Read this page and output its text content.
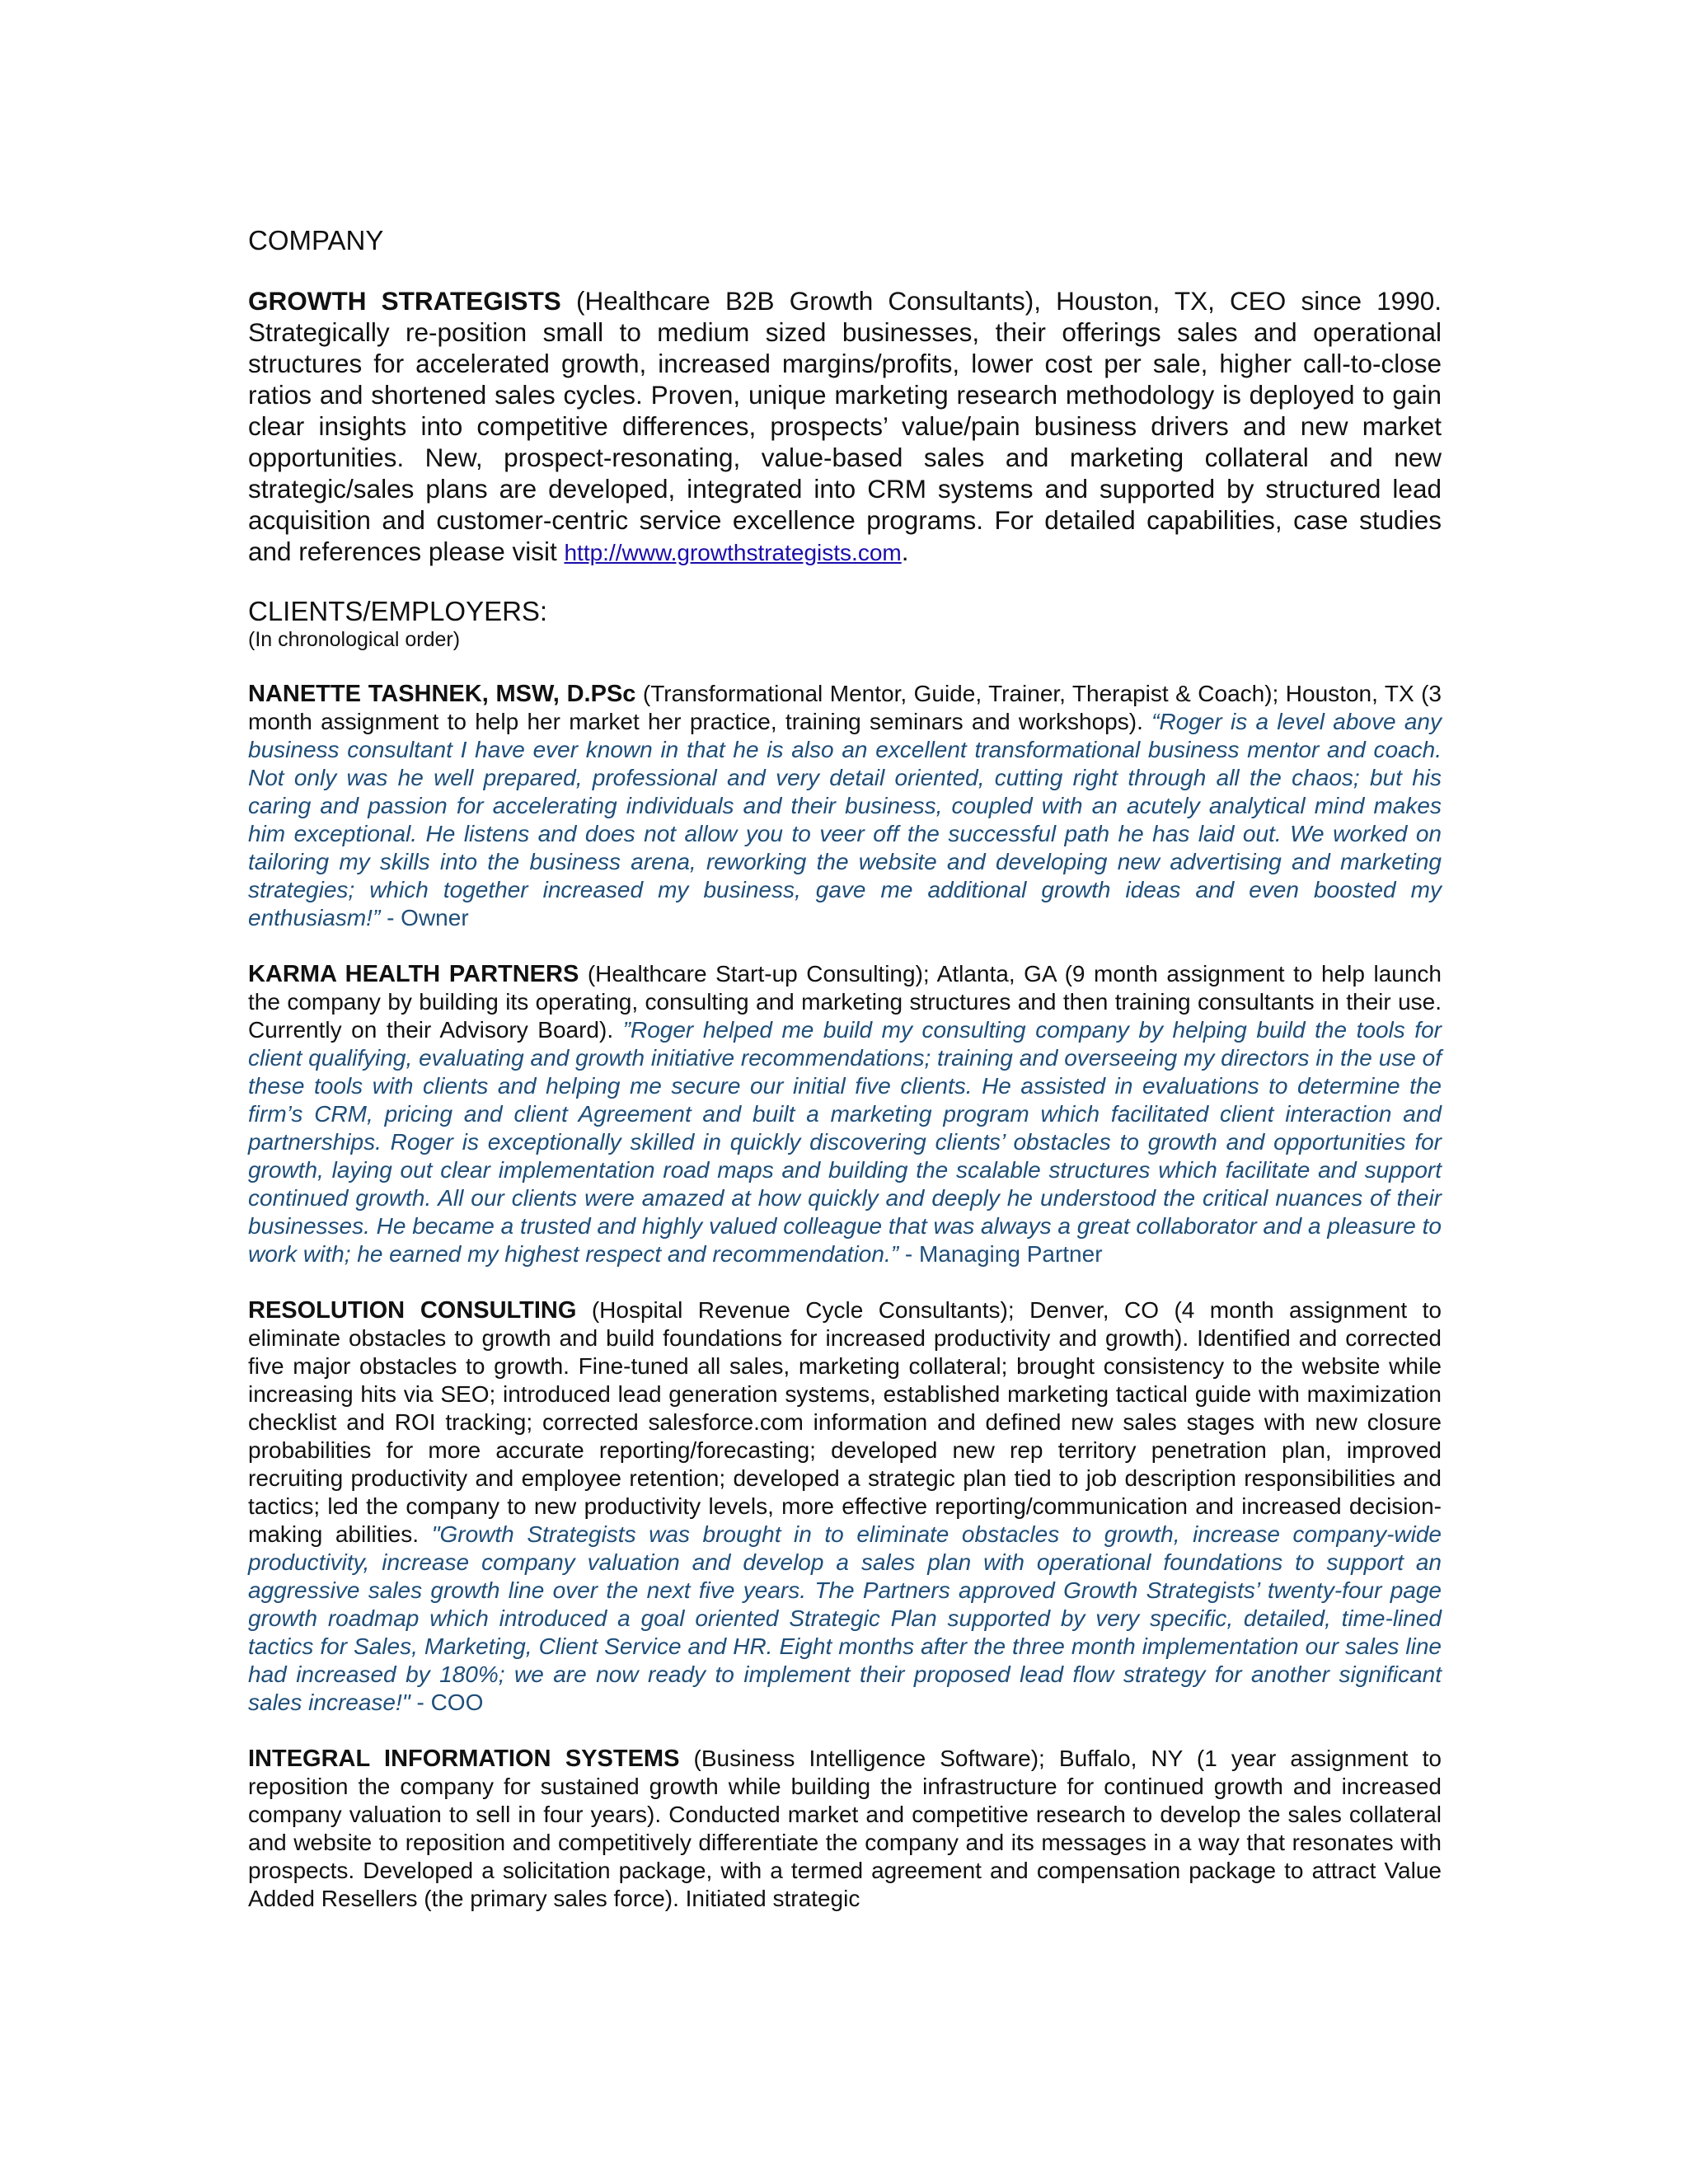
COMPANY

GROWTH STRATEGISTS (Healthcare B2B Growth Consultants), Houston, TX, CEO since 1990. Strategically re-position small to medium sized businesses, their offerings sales and operational structures for accelerated growth, increased margins/profits, lower cost per sale, higher call-to-close ratios and shortened sales cycles. Proven, unique marketing research methodology is deployed to gain clear insights into competitive differences, prospects’ value/pain business drivers and new market opportunities. New, prospect-resonating, value-based sales and marketing collateral and new strategic/sales plans are developed, integrated into CRM systems and supported by structured lead acquisition and customer-centric service excellence programs. For detailed capabilities, case studies and references please visit http://www.growthstrategists.com.
CLIENTS/EMPLOYERS:
(In chronological order)
NANETTE TASHNEK, MSW, D.PSc (Transformational Mentor, Guide, Trainer, Therapist & Coach); Houston, TX (3 month assignment to help her market her practice, training seminars and workshops). “Roger is a level above any business consultant I have ever known in that he is also an excellent transformational business mentor and coach. Not only was he well prepared, professional and very detail oriented, cutting right through all the chaos; but his caring and passion for accelerating individuals and their business, coupled with an acutely analytical mind makes him exceptional. He listens and does not allow you to veer off the successful path he has laid out. We worked on tailoring my skills into the business arena, reworking the website and developing new advertising and marketing strategies; which together increased my business, gave me additional growth ideas and even boosted my enthusiasm!” - Owner
KARMA HEALTH PARTNERS (Healthcare Start-up Consulting); Atlanta, GA (9 month assignment to help launch the company by building its operating, consulting and marketing structures and then training consultants in their use. Currently on their Advisory Board). ”Roger helped me build my consulting company by helping build the tools for client qualifying, evaluating and growth initiative recommendations; training and overseeing my directors in the use of these tools with clients and helping me secure our initial five clients. He assisted in evaluations to determine the firm’s CRM, pricing and client Agreement and built a marketing program which facilitated client interaction and partnerships. Roger is exceptionally skilled in quickly discovering clients’ obstacles to growth and opportunities for growth, laying out clear implementation road maps and building the scalable structures which facilitate and support continued growth. All our clients were amazed at how quickly and deeply he understood the critical nuances of their businesses. He became a trusted and highly valued colleague that was always a great collaborator and a pleasure to work with; he earned my highest respect and recommendation.” - Managing Partner
RESOLUTION CONSULTING (Hospital Revenue Cycle Consultants); Denver, CO (4 month assignment to eliminate obstacles to growth and build foundations for increased productivity and growth). Identified and corrected five major obstacles to growth. Fine-tuned all sales, marketing collateral; brought consistency to the website while increasing hits via SEO; introduced lead generation systems, established marketing tactical guide with maximization checklist and ROI tracking; corrected salesforce.com information and defined new sales stages with new closure probabilities for more accurate reporting/forecasting; developed new rep territory penetration plan, improved recruiting productivity and employee retention; developed a strategic plan tied to job description responsibilities and tactics; led the company to new productivity levels, more effective reporting/communication and increased decision-making abilities. "Growth Strategists was brought in to eliminate obstacles to growth, increase company-wide productivity, increase company valuation and develop a sales plan with operational foundations to support an aggressive sales growth line over the next five years. The Partners approved Growth Strategists’ twenty-four page growth roadmap which introduced a goal oriented Strategic Plan supported by very specific, detailed, time-lined tactics for Sales, Marketing, Client Service and HR. Eight months after the three month implementation our sales line had increased by 180%; we are now ready to implement their proposed lead flow strategy for another significant sales increase!" - COO
INTEGRAL INFORMATION SYSTEMS (Business Intelligence Software); Buffalo, NY (1 year assignment to reposition the company for sustained growth while building the infrastructure for continued growth and increased company valuation to sell in four years). Conducted market and competitive research to develop the sales collateral and website to reposition and competitively differentiate the company and its messages in a way that resonates with prospects. Developed a solicitation package, with a termed agreement and compensation package to attract Value Added Resellers (the primary sales force). Initiated strategic
